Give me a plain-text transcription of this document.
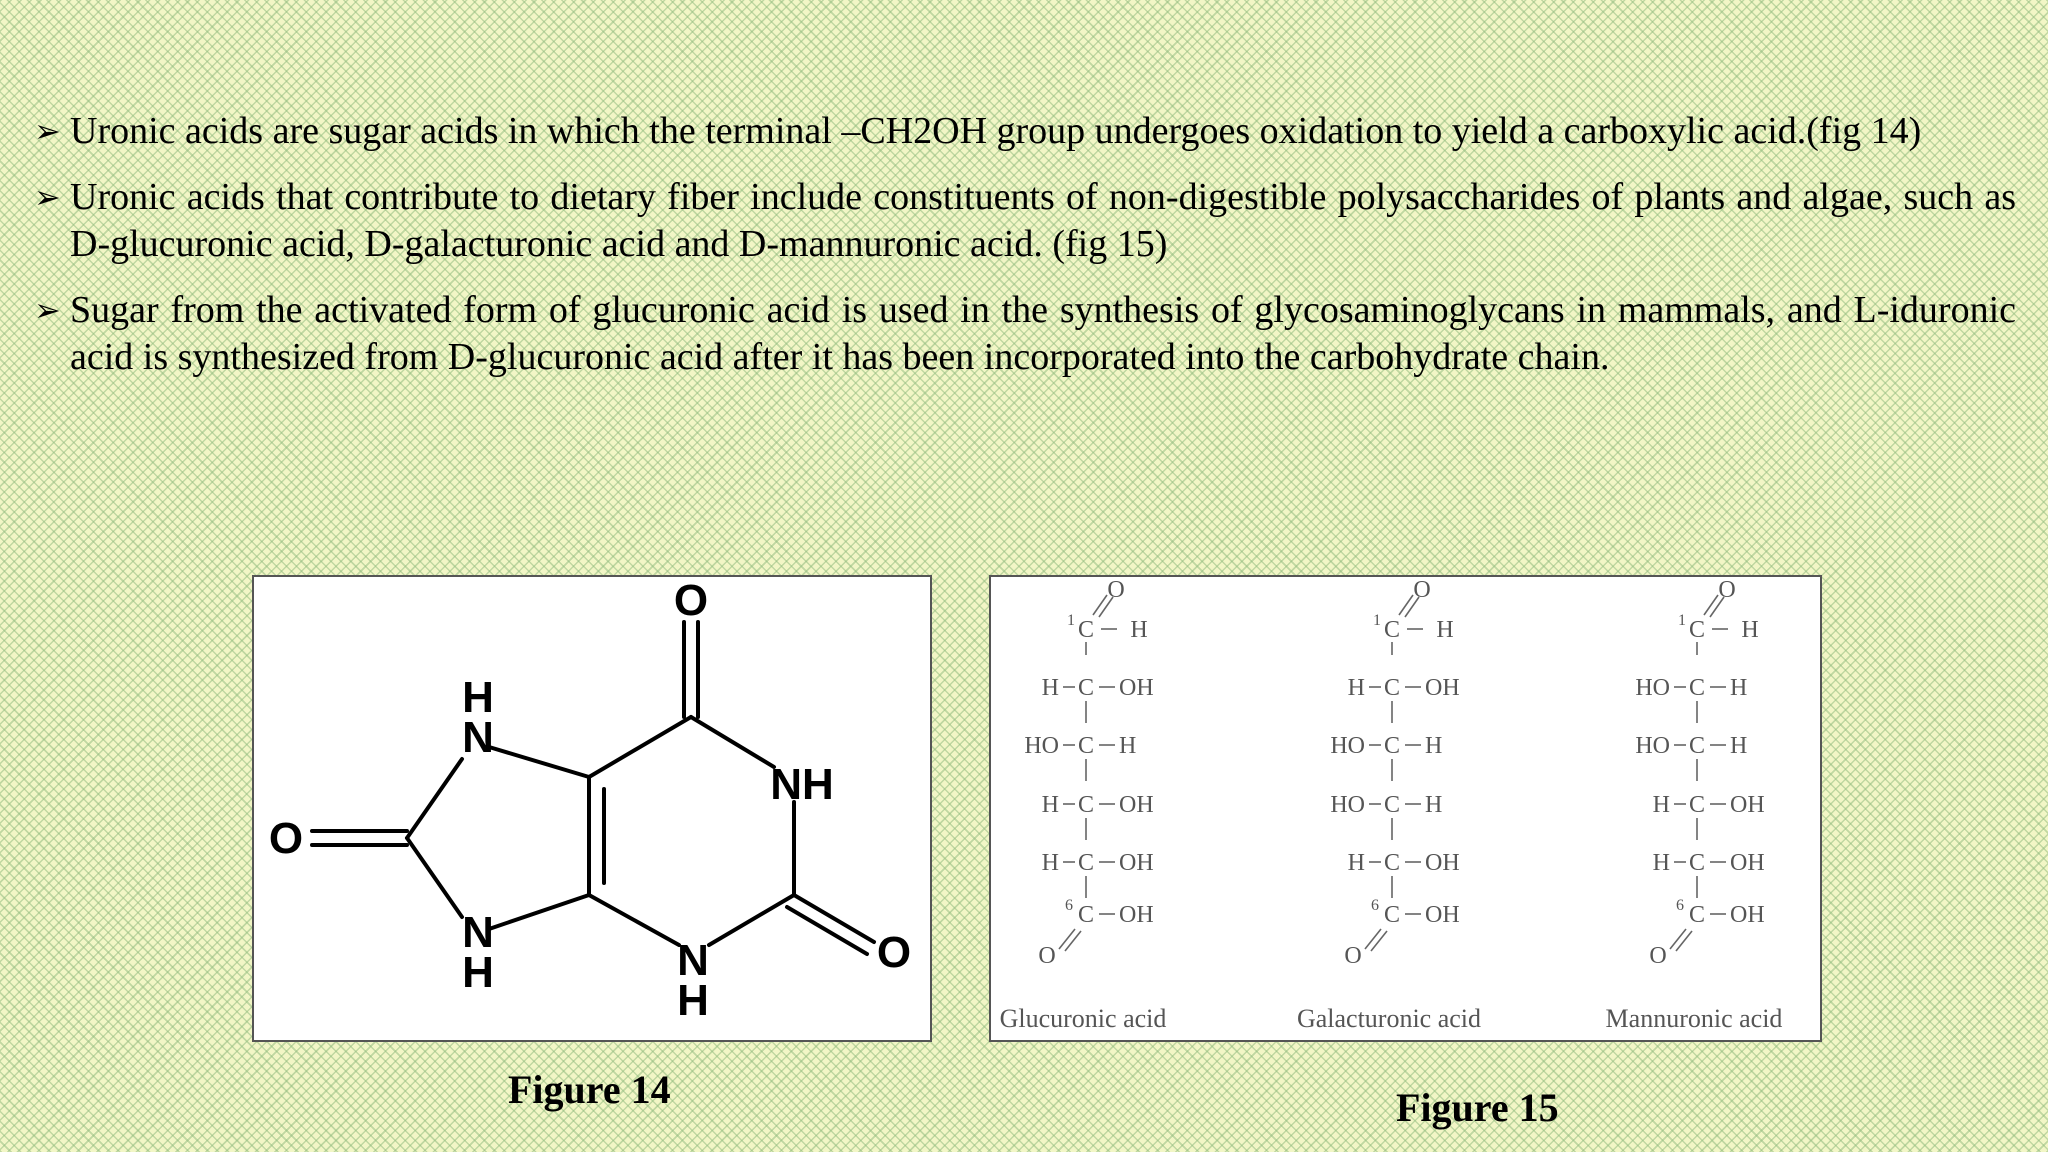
➢ Uronic acids are sugar acids in which the terminal –CH2OH group undergoes oxidation to yield a carboxylic acid.(fig 14)
➢ Uronic acids that contribute to dietary fiber include constituents of non-digestible polysaccharides of plants and algae, such as D-glucuronic acid, D-galacturonic acid and D-mannuronic acid. (fig 15)
➢ Sugar from the activated form of glucuronic acid is used in the synthesis of glycosaminoglycans in mammals, and L-iduronic acid is synthesized from D-glucuronic acid after it has been incorporated into the carbohydrate chain.
O
NH
O
N
H
H
N
N
H
O
O
1 C H
H C OH
HO C H
H C OH
H C OH
6 C OH
O
Glucuronic acid
O
1 C H
H C OH
HO C H
HO C H
H C OH
6 C OH
O
Galacturonic acid
O
1 C H
HO C H
HO C H
H C OH
H C OH
6 C OH
O
Mannuronic acid
Figure 14	Figure 15
